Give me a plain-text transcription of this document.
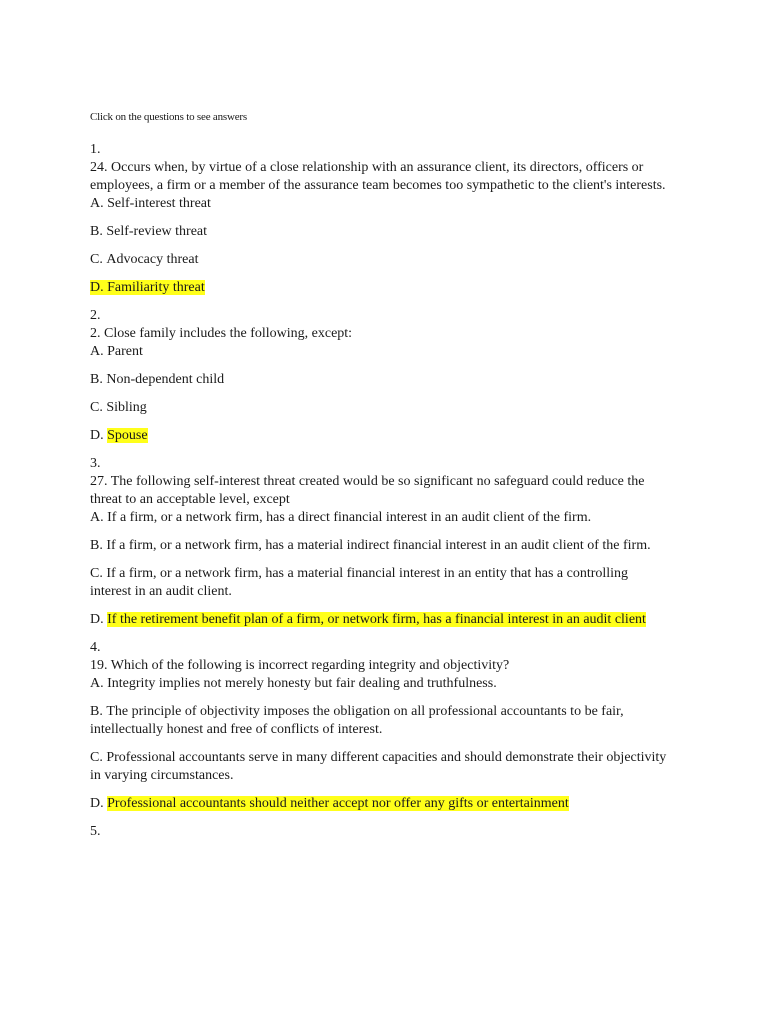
Click on the questions to see answers

1.

24. Occurs when, by virtue of a close relationship with an assurance client, its directors, officers or employees, a firm or a member of the assurance team becomes too sympathetic to the client's interests.

A. Self-interest threat
B. Self-review threat
C. Advocacy threat
D. Familiarity threat
2.

2. Close family includes the following, except:

A. Parent
B. Non-dependent child
C. Sibling
D. Spouse
3.

27. The following self-interest threat created would be so significant no safeguard could reduce the threat to an acceptable level, except

A. If a firm, or a network firm, has a direct financial interest in an audit client of the firm.
B. If a firm, or a network firm, has a material indirect financial interest in an audit client of the firm.
C. If a firm, or a network firm, has a material financial interest in an entity that has a controlling interest in an audit client.
D. If the retirement benefit plan of a firm, or network firm, has a financial interest in an audit client
4.

19. Which of the following is incorrect regarding integrity and objectivity?

A. Integrity implies not merely honesty but fair dealing and truthfulness.
B. The principle of objectivity imposes the obligation on all professional accountants to be fair, intellectually honest and free of conflicts of interest.
C. Professional accountants serve in many different capacities and should demonstrate their objectivity in varying circumstances.
D. Professional accountants should neither accept nor offer any gifts or entertainment
5.
